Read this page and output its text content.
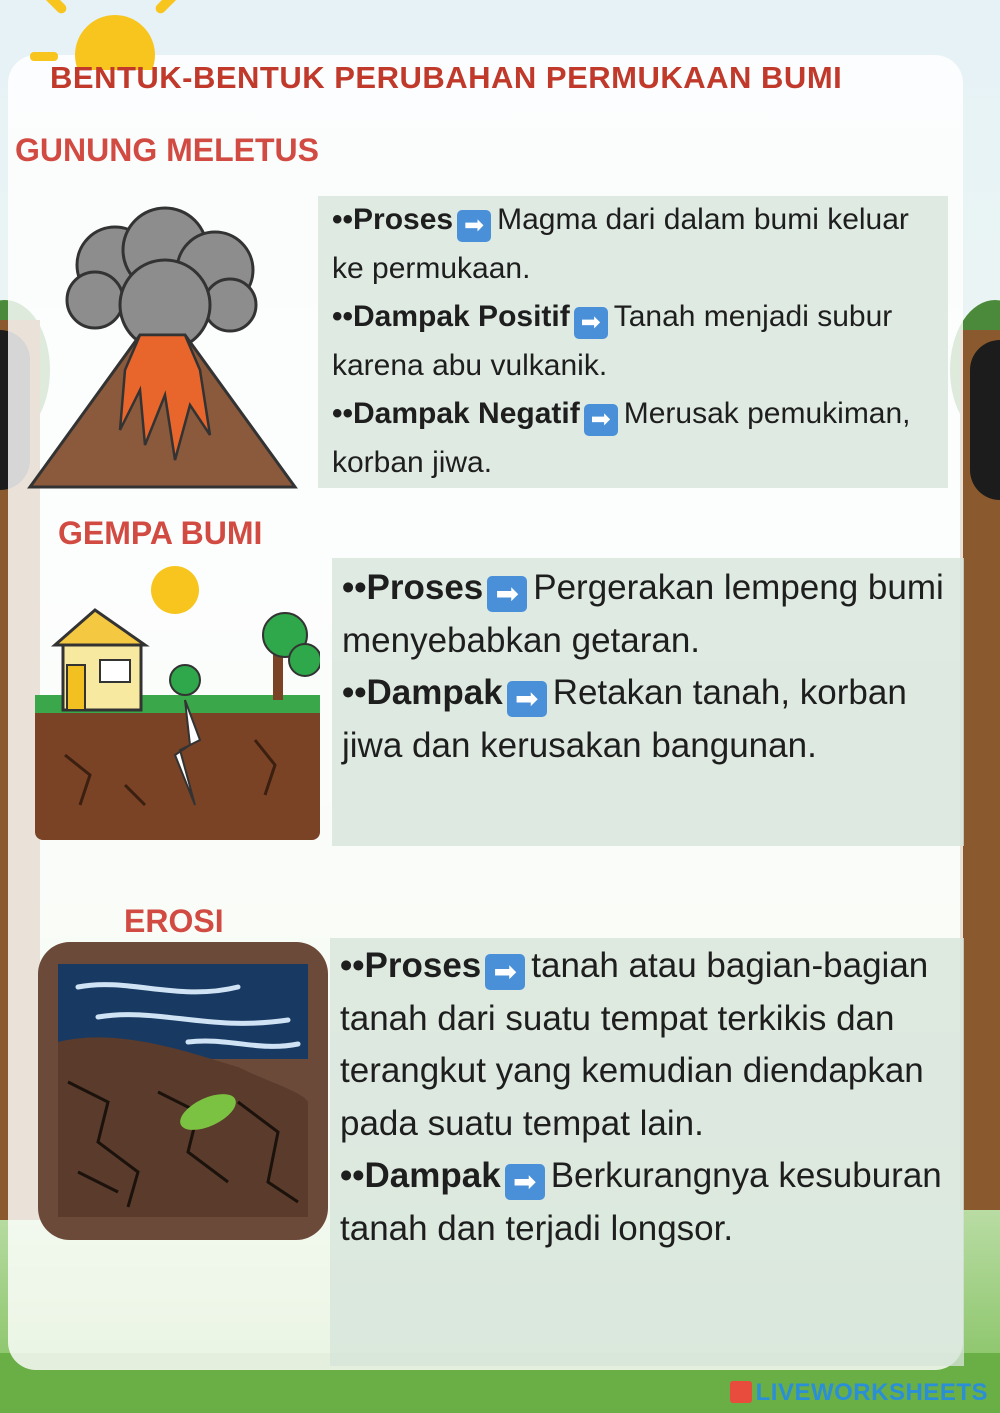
BENTUK-BENTUK PERUBAHAN PERMUKAAN BUMI
GUNUNG MELETUS

••Proses ➡ Magma dari dalam bumi keluar ke permukaan.

••Dampak Positif ➡ Tanah menjadi subur karena abu vulkanik.

••Dampak Negatif ➡ Merusak pemukiman, korban jiwa.

GEMPA BUMI

••Proses ➡ Pergerakan lempeng bumi menyebabkan getaran.

••Dampak ➡ Retakan tanah, korban jiwa dan kerusakan bangunan.

EROSI

••Proses ➡ tanah atau bagian-bagian tanah dari suatu tempat terkikis dan terangkut yang kemudian diendapkan pada suatu tempat lain.

••Dampak ➡ Berkurangnya kesuburan tanah dan terjadi longsor.

LIVEWORKSHEETS
